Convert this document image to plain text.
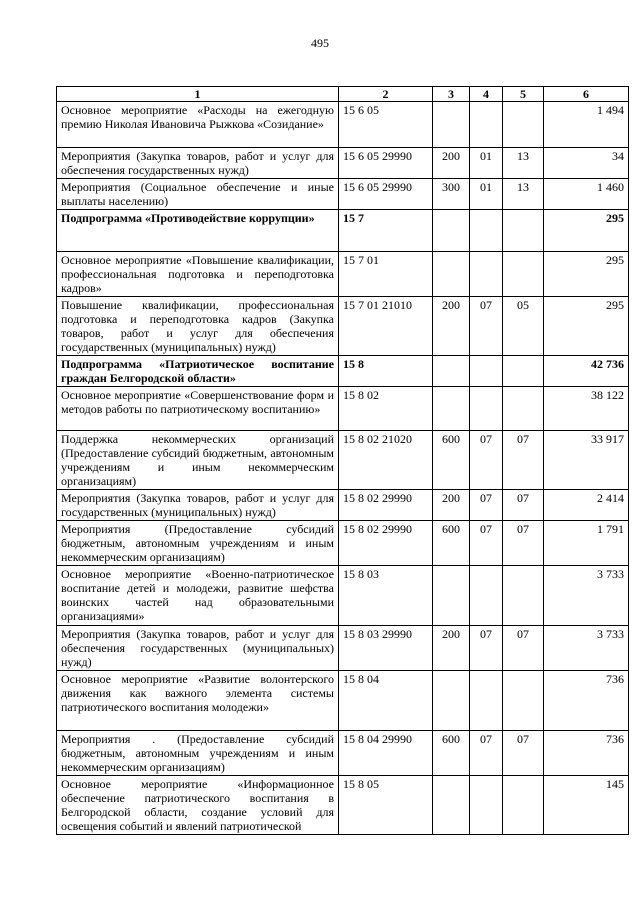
495
1	2	3	4	5	6
Основное мероприятие «Расходы на ежегодную премию Николая Ивановича Рыжкова «Созидание»	15 6 05				1 494
Мероприятия (Закупка товаров, работ и услуг для обеспечения государственных нужд)	15 6 05 29990	200	01	13	34
Мероприятия (Социальное обеспечение и иные выплаты населению)	15 6 05 29990	300	01	13	1 460
Подпрограмма «Противодействие коррупции»	15 7				295
Основное мероприятие «Повышение квалификации, профессиональная подготовка и переподготовка кадров»	15 7 01				295
Повышение квалификации, профессиональная подготовка и переподготовка кадров (Закупка товаров, работ и услуг для обеспечения государственных (муниципальных) нужд)	15 7 01 21010	200	07	05	295
Подпрограмма «Патриотическое воспитание граждан Белгородской области»	15 8				42 736
Основное мероприятие «Совершенствование форм и методов работы по патриотическому воспитанию»	15 8 02				38 122
Поддержка некоммерческих организаций (Предоставление субсидий бюджетным, автономным учреждениям и иным некоммерческим организациям)	15 8 02 21020	600	07	07	33 917
Мероприятия (Закупка товаров, работ и услуг для государственных (муниципальных) нужд)	15 8 02 29990	200	07	07	2 414
Мероприятия (Предоставление субсидий бюджетным, автономным учреждениям и иным некоммерческим организациям)	15 8 02 29990	600	07	07	1 791
Основное мероприятие «Военно-патриотическое воспитание детей и молодежи, развитие шефства воинских частей над образовательными организациями»	15 8 03				3 733
Мероприятия (Закупка товаров, работ и услуг для обеспечения государственных (муниципальных) нужд)	15 8 03 29990	200	07	07	3 733
Основное мероприятие «Развитие волонтерского движения как важного элемента системы патриотического воспитания молодежи»	15 8 04				736
Мероприятия . (Предоставление субсидий бюджетным, автономным учреждениям и иным некоммерческим организациям)	15 8 04 29990	600	07	07	736
Основное мероприятие «Информационное обеспечение патриотического воспитания в Белгородской области, создание условий для освещения событий и явлений патриотической	15 8 05				145
